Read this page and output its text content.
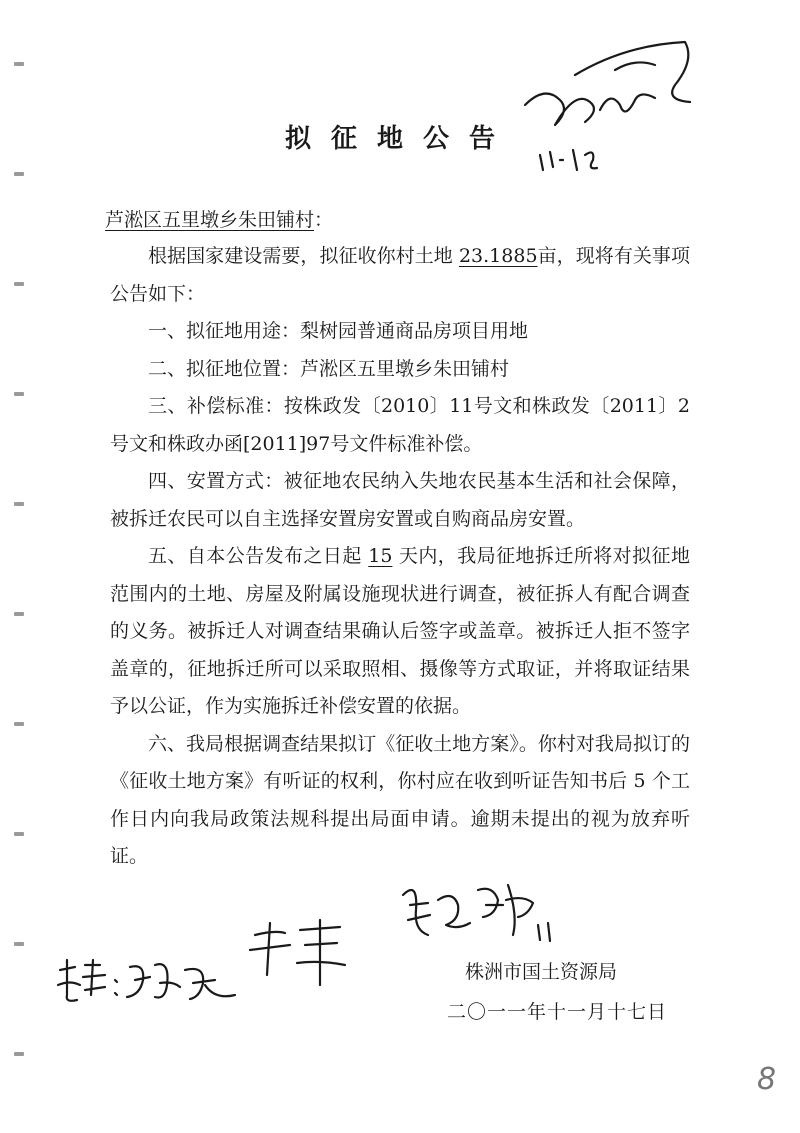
拟征地公告
芦淞区五里墩乡朱田铺村：

根据国家建设需要，拟征收你村土地 23.1885亩，现将有关事项公告如下：

一、拟征地用途：梨树园普通商品房项目用地

二、拟征地位置：芦淞区五里墩乡朱田铺村

三、补偿标准：按株政发〔2010〕11号文和株政发〔2011〕2号文和株政办函[2011]97号文件标准补偿。

四、安置方式：被征地农民纳入失地农民基本生活和社会保障，被拆迁农民可以自主选择安置房安置或自购商品房安置。

五、自本公告发布之日起 15 天内，我局征地拆迁所将对拟征地范围内的土地、房屋及附属设施现状进行调查，被征拆人有配合调查的义务。被拆迁人对调查结果确认后签字或盖章。被拆迁人拒不签字盖章的，征地拆迁所可以采取照相、摄像等方式取证，并将取证结果予以公证，作为实施拆迁补偿安置的依据。

六、我局根据调查结果拟订《征收土地方案》。你村对我局拟订的《征收土地方案》有听证的权利，你村应在收到听证告知书后 5 个工作日内向我局政策法规科提出局面申请。逾期未提出的视为放弃听证。

株洲市国土资源局
二〇一一年十一月十七日
8
